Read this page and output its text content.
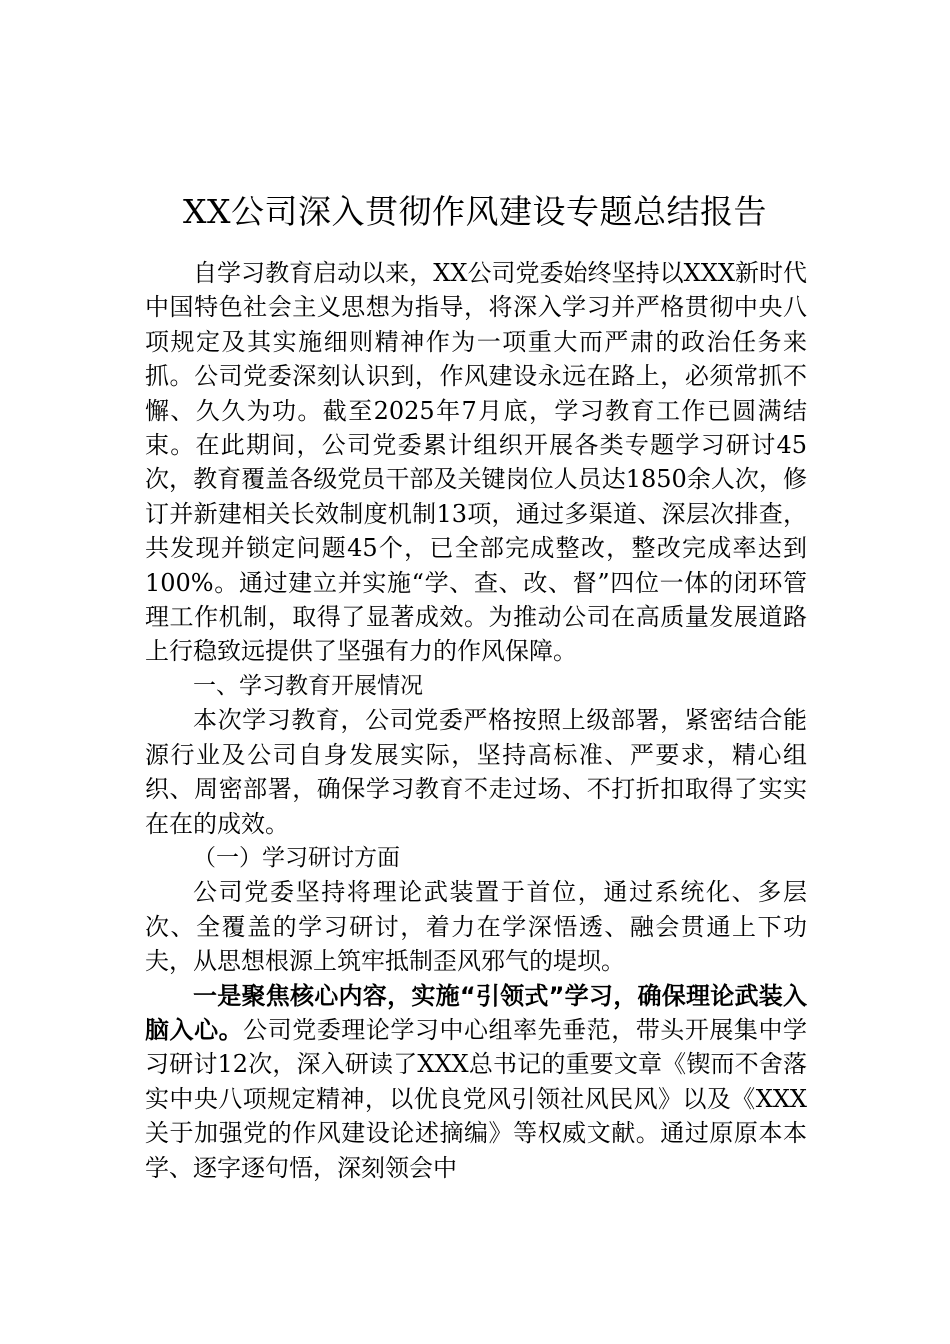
XX公司深入贯彻作风建设专题总结报告

自学习教育启动以来，XX公司党委始终坚持以XXX新时代中国特色社会主义思想为指导，将深入学习并严格贯彻中央八项规定及其实施细则精神作为一项重大而严肃的政治任务来抓。公司党委深刻认识到，作风建设永远在路上，必须常抓不懈、久久为功。截至2025年7月底，学习教育工作已圆满结束。在此期间，公司党委累计组织开展各类专题学习研讨45次，教育覆盖各级党员干部及关键岗位人员达1850余人次，修订并新建相关长效制度机制13项，通过多渠道、深层次排查，共发现并锁定问题45个，已全部完成整改，整改完成率达到100%。通过建立并实施“学、查、改、督”四位一体的闭环管理工作机制，取得了显著成效。为推动公司在高质量发展道路上行稳致远提供了坚强有力的作风保障。

一、学习教育开展情况

本次学习教育，公司党委严格按照上级部署，紧密结合能源行业及公司自身发展实际，坚持高标准、严要求，精心组织、周密部署，确保学习教育不走过场、不打折扣取得了实实在在的成效。

（一）学习研讨方面

公司党委坚持将理论武装置于首位，通过系统化、多层次、全覆盖的学习研讨，着力在学深悟透、融会贯通上下功夫，从思想根源上筑牢抵制歪风邪气的堤坝。

一是聚焦核心内容，实施“引领式”学习，确保理论武装入脑入心。公司党委理论学习中心组率先垂范，带头开展集中学习研讨12次，深入研读了XXX总书记的重要文章《锲而不舍落实中央八项规定精神，以优良党风引领社风民风》以及《XXX关于加强党的作风建设论述摘编》等权威文献。通过原原本本学、逐字逐句悟，深刻领会中
